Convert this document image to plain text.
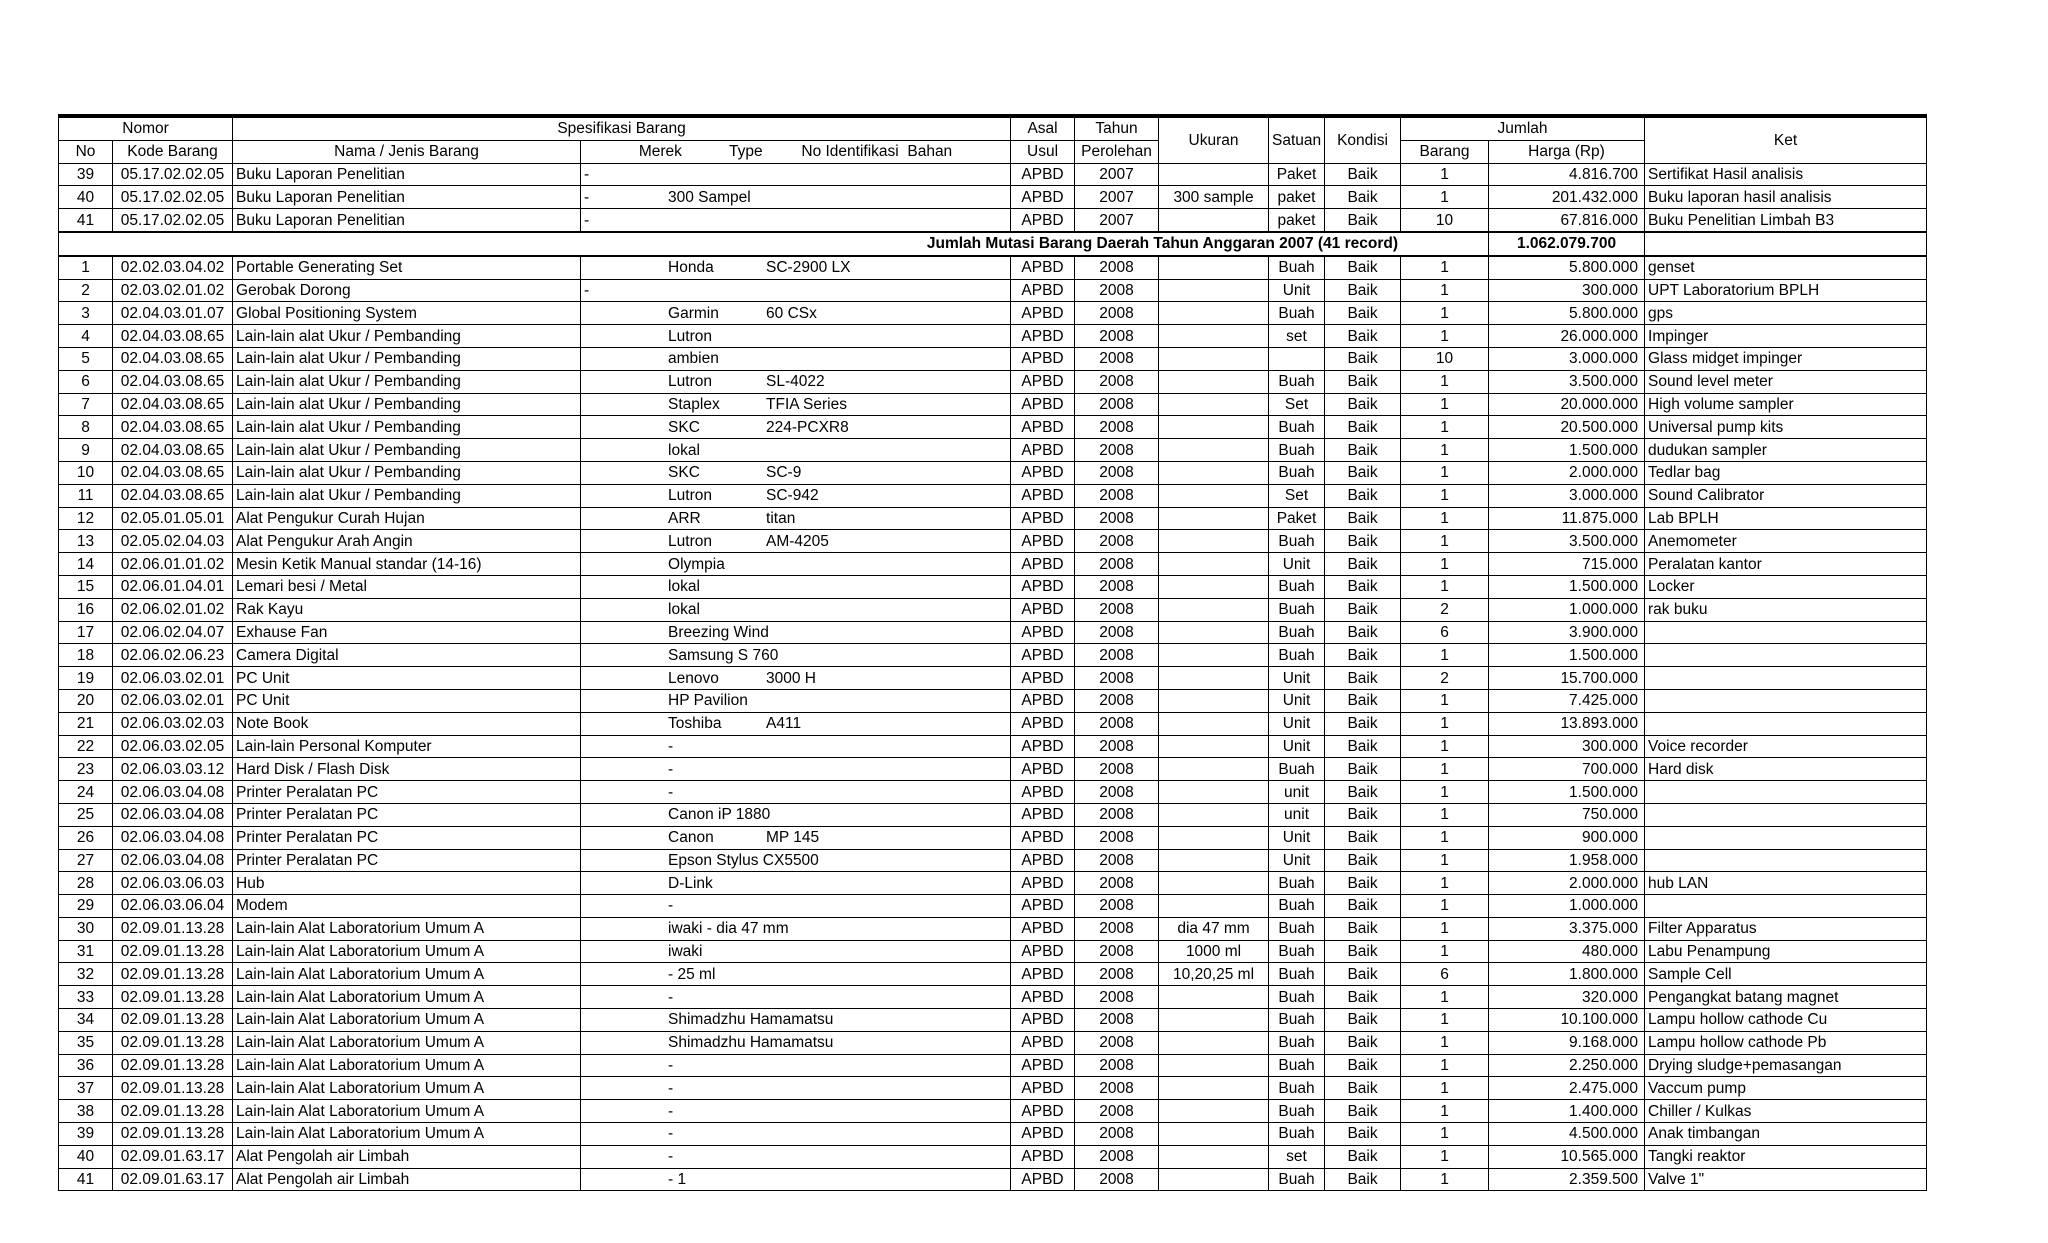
Nomor		Spesifikasi Barang		Asal	Tahun	Ukuran	Satuan	Kondisi	Jumlah		Ket
No	Kode Barang	Nama / Jenis Barang	Merek Type No Identifikasi Bahan	Usul	Perolehan				Barang	Harga (Rp)	
39	05.17.02.02.05	Buku Laporan Penelitian	-	APBD	2007		Paket	Baik	1	4.816.700	Sertifikat Hasil analisis
40	05.17.02.02.05	Buku Laporan Penelitian	- 300 Sampel	APBD	2007	300 sample	paket	Baik	1	201.432.000	Buku laporan hasil analisis
41	05.17.02.02.05	Buku Laporan Penelitian	-	APBD	2007		paket	Baik	10	67.816.000	Buku Penelitian Limbah B3
	Jumlah Mutasi Barang Daerah Tahun Anggaran 2007 (41 record)									1.062.079.700	
1	02.02.03.04.02	Portable Generating Set	Honda SC-2900 LX	APBD	2008		Buah	Baik	1	5.800.000	genset
2	02.03.02.01.02	Gerobak Dorong	-	APBD	2008		Unit	Baik	1	300.000	UPT Laboratorium BPLH
3	02.04.03.01.07	Global Positioning System	Garmin 60 CSx	APBD	2008		Buah	Baik	1	5.800.000	gps
4	02.04.03.08.65	Lain-lain alat Ukur / Pembanding	Lutron	APBD	2008		set	Baik	1	26.000.000	Impinger
5	02.04.03.08.65	Lain-lain alat Ukur / Pembanding	ambien	APBD	2008			Baik	10	3.000.000	Glass midget impinger
6	02.04.03.08.65	Lain-lain alat Ukur / Pembanding	Lutron SL-4022	APBD	2008		Buah	Baik	1	3.500.000	Sound level meter
7	02.04.03.08.65	Lain-lain alat Ukur / Pembanding	Staplex TFIA Series	APBD	2008		Set	Baik	1	20.000.000	High volume sampler
8	02.04.03.08.65	Lain-lain alat Ukur / Pembanding	SKC 224-PCXR8	APBD	2008		Buah	Baik	1	20.500.000	Universal pump kits
9	02.04.03.08.65	Lain-lain alat Ukur / Pembanding	lokal	APBD	2008		Buah	Baik	1	1.500.000	dudukan sampler
10	02.04.03.08.65	Lain-lain alat Ukur / Pembanding	SKC SC-9	APBD	2008		Buah	Baik	1	2.000.000	Tedlar bag
11	02.04.03.08.65	Lain-lain alat Ukur / Pembanding	Lutron SC-942	APBD	2008		Set	Baik	1	3.000.000	Sound Calibrator
12	02.05.01.05.01	Alat Pengukur Curah Hujan	ARR titan	APBD	2008		Paket	Baik	1	11.875.000	Lab BPLH
13	02.05.02.04.03	Alat Pengukur Arah Angin	Lutron AM-4205	APBD	2008		Buah	Baik	1	3.500.000	Anemometer
14	02.06.01.01.02	Mesin Ketik Manual standar (14-16)	Olympia	APBD	2008		Unit	Baik	1	715.000	Peralatan kantor
15	02.06.01.04.01	Lemari besi / Metal	lokal	APBD	2008		Buah	Baik	1	1.500.000	Locker
16	02.06.02.01.02	Rak Kayu	lokal	APBD	2008		Buah	Baik	2	1.000.000	rak buku
17	02.06.02.04.07	Exhause Fan	Breezing Wind	APBD	2008		Buah	Baik	6	3.900.000	
18	02.06.02.06.23	Camera Digital	Samsung S 760	APBD	2008		Buah	Baik	1	1.500.000	
19	02.06.03.02.01	PC Unit	Lenovo 3000 H	APBD	2008		Unit	Baik	2	15.700.000	
20	02.06.03.02.01	PC Unit	HP Pavilion	APBD	2008		Unit	Baik	1	7.425.000	
21	02.06.03.02.03	Note Book	Toshiba A411	APBD	2008		Unit	Baik	1	13.893.000	
22	02.06.03.02.05	Lain-lain Personal Komputer	-	APBD	2008		Unit	Baik	1	300.000	Voice recorder
23	02.06.03.03.12	Hard Disk / Flash Disk	-	APBD	2008		Buah	Baik	1	700.000	Hard disk
24	02.06.03.04.08	Printer Peralatan PC	-	APBD	2008		unit	Baik	1	1.500.000	
25	02.06.03.04.08	Printer Peralatan PC	Canon iP 1880	APBD	2008		unit	Baik	1	750.000	
26	02.06.03.04.08	Printer Peralatan PC	Canon MP 145	APBD	2008		Unit	Baik	1	900.000	
27	02.06.03.04.08	Printer Peralatan PC	Epson Stylus CX5500	APBD	2008		Unit	Baik	1	1.958.000	
28	02.06.03.06.03	Hub	D-Link	APBD	2008		Buah	Baik	1	2.000.000	hub LAN
29	02.06.03.06.04	Modem	-	APBD	2008		Buah	Baik	1	1.000.000	
30	02.09.01.13.28	Lain-lain Alat Laboratorium Umum A	iwaki - dia 47 mm	APBD	2008	dia 47 mm	Buah	Baik	1	3.375.000	Filter Apparatus
31	02.09.01.13.28	Lain-lain Alat Laboratorium Umum A	iwaki	APBD	2008	1000 ml	Buah	Baik	1	480.000	Labu Penampung
32	02.09.01.13.28	Lain-lain Alat Laboratorium Umum A	- 25 ml	APBD	2008	10,20,25 ml	Buah	Baik	6	1.800.000	Sample Cell
33	02.09.01.13.28	Lain-lain Alat Laboratorium Umum A	-	APBD	2008		Buah	Baik	1	320.000	Pengangkat batang magnet
34	02.09.01.13.28	Lain-lain Alat Laboratorium Umum A	Shimadzhu Hamamatsu	APBD	2008		Buah	Baik	1	10.100.000	Lampu hollow cathode Cu
35	02.09.01.13.28	Lain-lain Alat Laboratorium Umum A	Shimadzhu Hamamatsu	APBD	2008		Buah	Baik	1	9.168.000	Lampu hollow cathode Pb
36	02.09.01.13.28	Lain-lain Alat Laboratorium Umum A	-	APBD	2008		Buah	Baik	1	2.250.000	Drying sludge+pemasangan
37	02.09.01.13.28	Lain-lain Alat Laboratorium Umum A	-	APBD	2008		Buah	Baik	1	2.475.000	Vaccum pump
38	02.09.01.13.28	Lain-lain Alat Laboratorium Umum A	-	APBD	2008		Buah	Baik	1	1.400.000	Chiller / Kulkas
39	02.09.01.13.28	Lain-lain Alat Laboratorium Umum A	-	APBD	2008		Buah	Baik	1	4.500.000	Anak timbangan
40	02.09.01.63.17	Alat Pengolah air Limbah	-	APBD	2008		set	Baik	1	10.565.000	Tangki reaktor
41	02.09.01.63.17	Alat Pengolah air Limbah	- 1	APBD	2008		Buah	Baik	1	2.359.500	Valve 1"
